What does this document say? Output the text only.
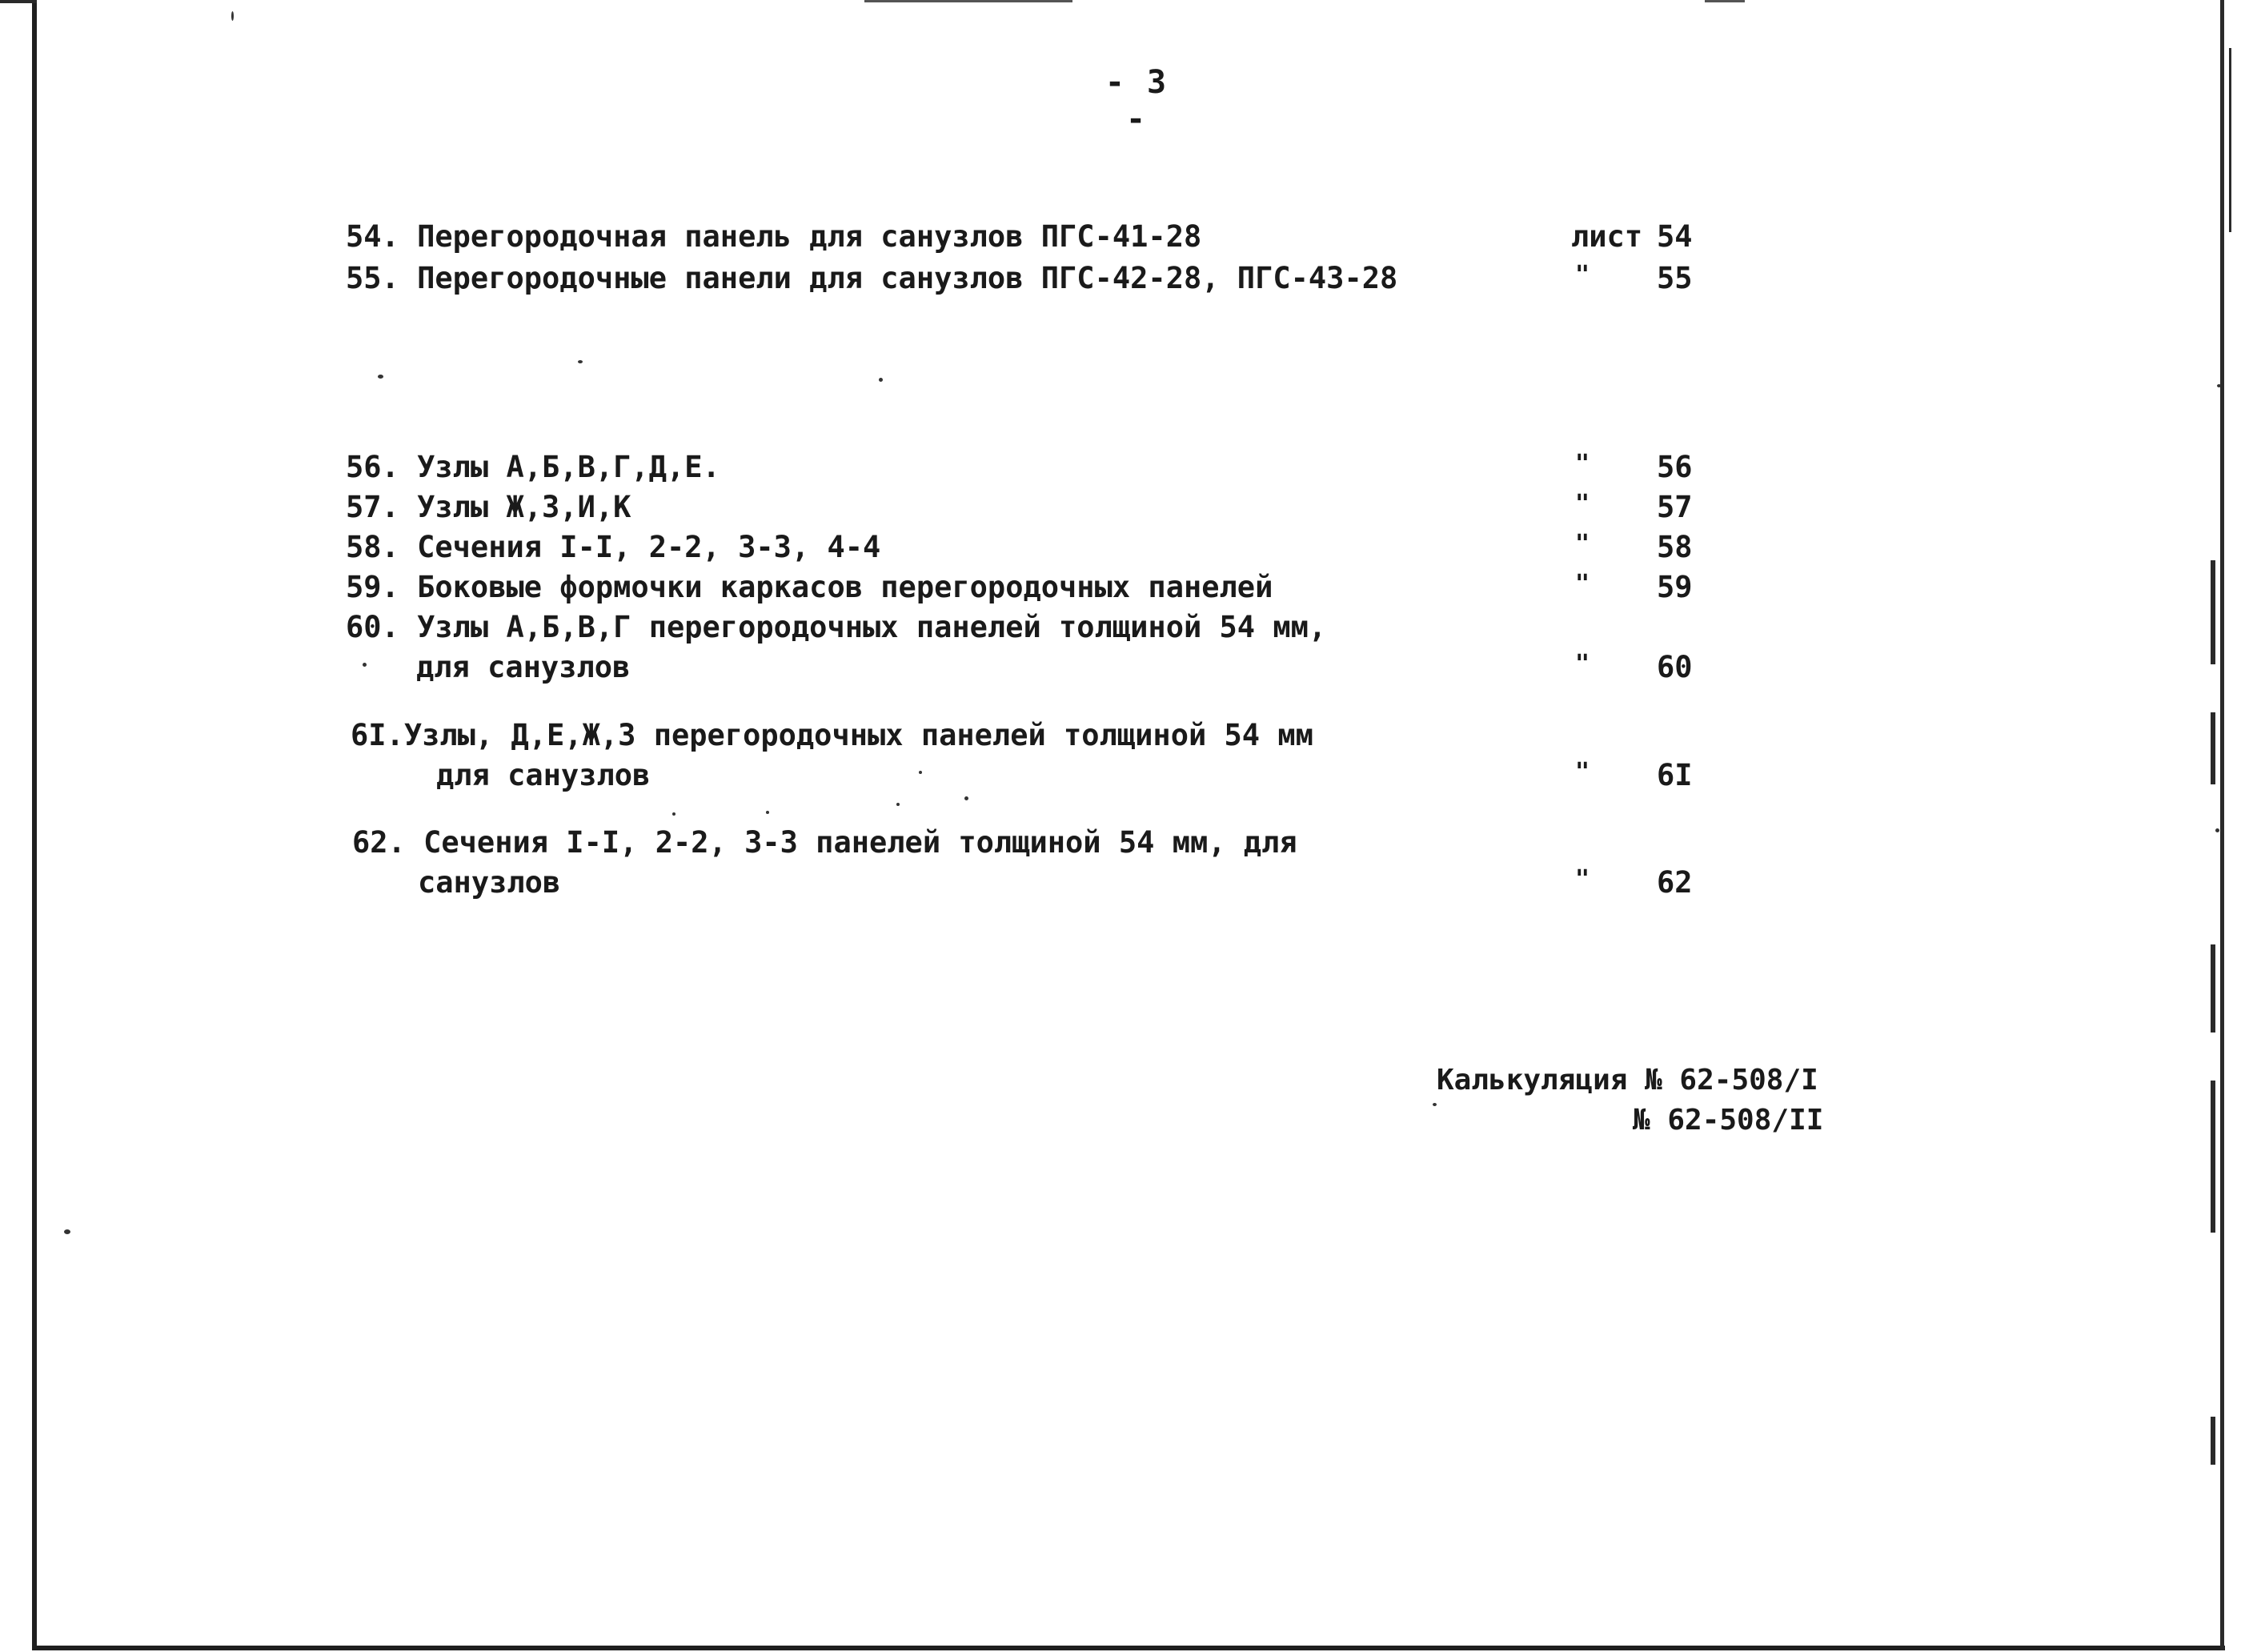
- 3 -
54. Перегородочная панель для санузлов ПГС-41-28	лист 54
55. Перегородочные панели для санузлов ПГС-42-28, ПГС-43-28	" 55
56. Узлы А,Б,В,Г,Д,Е.	" 56
57. Узлы Ж,З,И,К	" 57
58. Сечения I-I, 2-2, 3-3, 4-4	" 58
59. Боковые формочки каркасов перегородочных панелей	" 59
60. Узлы А,Б,В,Г перегородочных панелей толщиной 54 мм,
для санузлов	" 60
6I.Узлы, Д,Е,Ж,З перегородочных панелей толщиной 54 мм
для санузлов	" 6I
62. Сечения I-I, 2-2, 3-3 панелей толщиной 54 мм, для
санузлов	" 62
Калькуляция № 62-508/I
№ 62-508/II
